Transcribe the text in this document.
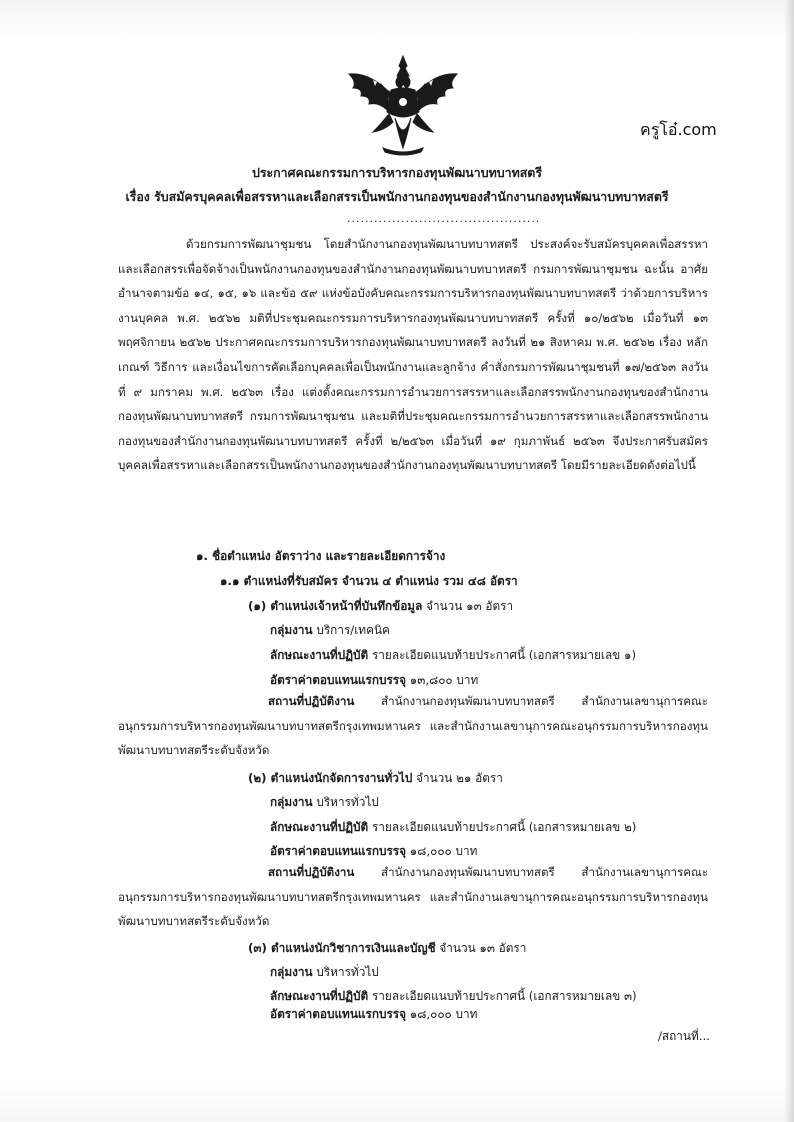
ครูโอ๋.com
ประกาศคณะกรรมการบริหารกองทุนพัฒนาบทบาทสตรี
เรื่อง รับสมัครบุคคลเพื่อสรรหาและเลือกสรรเป็นพนักงานกองทุนของสำนักงานกองทุนพัฒนาบทบาทสตรี
...........................................

ด้วยกรมการพัฒนาชุมชน โดยสำนักงานกองทุนพัฒนาบทบาทสตรี ประสงค์จะรับสมัครบุคคลเพื่อสรรหาและเลือกสรรเพื่อจัดจ้างเป็นพนักงานกองทุนของสำนักงานกองทุนพัฒนาบทบาทสตรี กรมการพัฒนาชุมชน ฉะนั้น อาศัยอำนาจตามข้อ ๑๔, ๑๕, ๑๖ และข้อ ๕๙ แห่งข้อบังคับคณะกรรมการบริหารกองทุนพัฒนาบทบาทสตรี ว่าด้วยการบริหารงานบุคคล พ.ศ. ๒๕๖๒ มติที่ประชุมคณะกรรมการบริหารกองทุนพัฒนาบทบาทสตรี ครั้งที่ ๑๐/๒๕๖๒ เมื่อวันที่ ๑๓ พฤศจิกายน ๒๕๖๒ ประกาศคณะกรรมการบริหารกองทุนพัฒนาบทบาทสตรี ลงวันที่ ๒๑ สิงหาคม พ.ศ. ๒๕๖๒ เรื่อง หลักเกณฑ์ วิธีการ และเงื่อนไขการคัดเลือกบุคคลเพื่อเป็นพนักงานและลูกจ้าง คำสั่งกรมการพัฒนาชุมชนที่ ๑๗/๒๕๖๓ ลงวันที่ ๙ มกราคม พ.ศ. ๒๕๖๓ เรื่อง แต่งตั้งคณะกรรมการอำนวยการสรรหาและเลือกสรรพนักงานกองทุนของสำนักงานกองทุนพัฒนาบทบาทสตรี กรมการพัฒนาชุมชน และมติที่ประชุมคณะกรรมการอำนวยการสรรหาและเลือกสรรพนักงานกองทุนของสำนักงานกองทุนพัฒนาบทบาทสตรี ครั้งที่ ๒/๒๕๖๓ เมื่อวันที่ ๑๙ กุมภาพันธ์ ๒๕๖๓ จึงประกาศรับสมัครบุคคลเพื่อสรรหาและเลือกสรรเป็นพนักงานกองทุนของสำนักงานกองทุนพัฒนาบทบาทสตรี โดยมีรายละเอียดดังต่อไปนี้

๑. ชื่อตำแหน่ง อัตราว่าง และรายละเอียดการจ้าง
๑.๑ ตำแหน่งที่รับสมัคร จำนวน ๔ ตำแหน่ง รวม ๔๘ อัตรา
(๑) ตำแหน่งเจ้าหน้าที่บันทึกข้อมูล จำนวน ๑๓ อัตรา
กลุ่มงาน บริการ/เทคนิค
ลักษณะงานที่ปฏิบัติ รายละเอียดแนบท้ายประกาศนี้ (เอกสารหมายเลข ๑)
อัตราค่าตอบแทนแรกบรรจุ ๑๓,๘๐๐ บาท

สถานที่ปฏิบัติงาน สำนักงานกองทุนพัฒนาบทบาทสตรี สำนักงานเลขานุการคณะอนุกรรมการบริหารกองทุนพัฒนาบทบาทสตรีกรุงเทพมหานคร และสำนักงานเลขานุการคณะอนุกรรมการบริหารกองทุนพัฒนาบทบาทสตรีระดับจังหวัด

(๒) ตำแหน่งนักจัดการงานทั่วไป จำนวน ๒๑ อัตรา
กลุ่มงาน บริหารทั่วไป
ลักษณะงานที่ปฏิบัติ รายละเอียดแนบท้ายประกาศนี้ (เอกสารหมายเลข ๒)
อัตราค่าตอบแทนแรกบรรจุ ๑๘,๐๐๐ บาท

สถานที่ปฏิบัติงาน สำนักงานกองทุนพัฒนาบทบาทสตรี สำนักงานเลขานุการคณะอนุกรรมการบริหารกองทุนพัฒนาบทบาทสตรีกรุงเทพมหานคร และสำนักงานเลขานุการคณะอนุกรรมการบริหารกองทุนพัฒนาบทบาทสตรีระดับจังหวัด

(๓) ตำแหน่งนักวิชาการเงินและบัญชี จำนวน ๑๓ อัตรา
กลุ่มงาน บริหารทั่วไป
ลักษณะงานที่ปฏิบัติ รายละเอียดแนบท้ายประกาศนี้ (เอกสารหมายเลข ๓)
อัตราค่าตอบแทนแรกบรรจุ ๑๘,๐๐๐ บาท
/สถานที่...
